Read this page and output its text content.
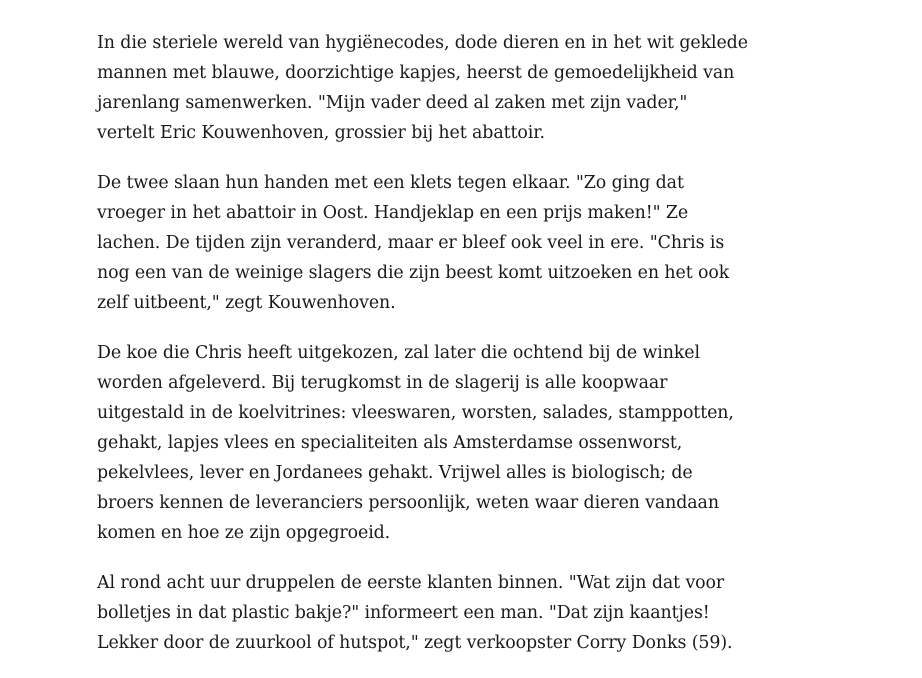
In die steriele wereld van hygiënecodes, dode dieren en in het wit geklede
mannen met blauwe, doorzichtige kapjes, heerst de gemoedelijkheid van
jarenlang samenwerken. "Mijn vader deed al zaken met zijn vader,"
vertelt Eric Kouwenhoven, grossier bij het abattoir.

De twee slaan hun handen met een klets tegen elkaar. "Zo ging dat
vroeger in het abattoir in Oost. Handjeklap en een prijs maken!" Ze
lachen. De tijden zijn veranderd, maar er bleef ook veel in ere. "Chris is
nog een van de weinige slagers die zijn beest komt uitzoeken en het ook
zelf uitbeent," zegt Kouwenhoven.

De koe die Chris heeft uitgekozen, zal later die ochtend bij de winkel
worden afgeleverd. Bij terugkomst in de slagerij is alle koopwaar
uitgestald in de koelvitrines: vleeswaren, worsten, salades, stamppotten,
gehakt, lapjes vlees en specialiteiten als Amsterdamse ossenworst,
pekelvlees, lever en Jordanees gehakt. Vrijwel alles is biologisch; de
broers kennen de leveranciers persoonlijk, weten waar dieren vandaan
komen en hoe ze zijn opgegroeid.

Al rond acht uur druppelen de eerste klanten binnen. "Wat zijn dat voor
bolletjes in dat plastic bakje?" informeert een man. "Dat zijn kaantjes!
Lekker door de zuurkool of hutspot," zegt verkoopster Corry Donks (59).
